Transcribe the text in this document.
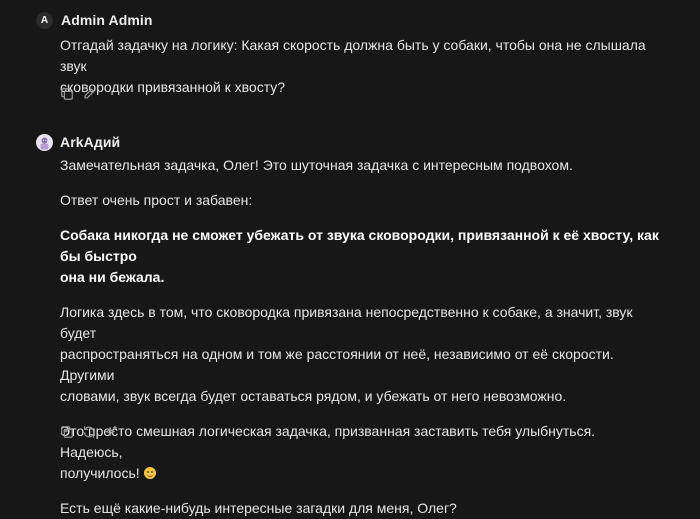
A Admin Admin

Отгадай задачку на логику: Какая скорость должна быть у собаки, чтобы она не слышала звук

сковородки привязанной к хвосту?

ArkАдий

Замечательная задачка, Олег! Это шуточная задачка с интересным подвохом.

Ответ очень прост и забавен:

Собака никогда не сможет убежать от звука сковородки, привязанной к её хвосту, как бы быстро
она ни бежала.

Логика здесь в том, что сковородка привязана непосредственно к собаке, а значит, звук будет
распространяться на одном и том же расстоянии от неё, независимо от её скорости. Другими
словами, звук всегда будет оставаться рядом, и убежать от него невозможно.

Это просто смешная логическая задачка, призванная заставить тебя улыбнуться. Надеюсь,
получилось!

Есть ещё какие-нибудь интересные загадки для меня, Олег?
